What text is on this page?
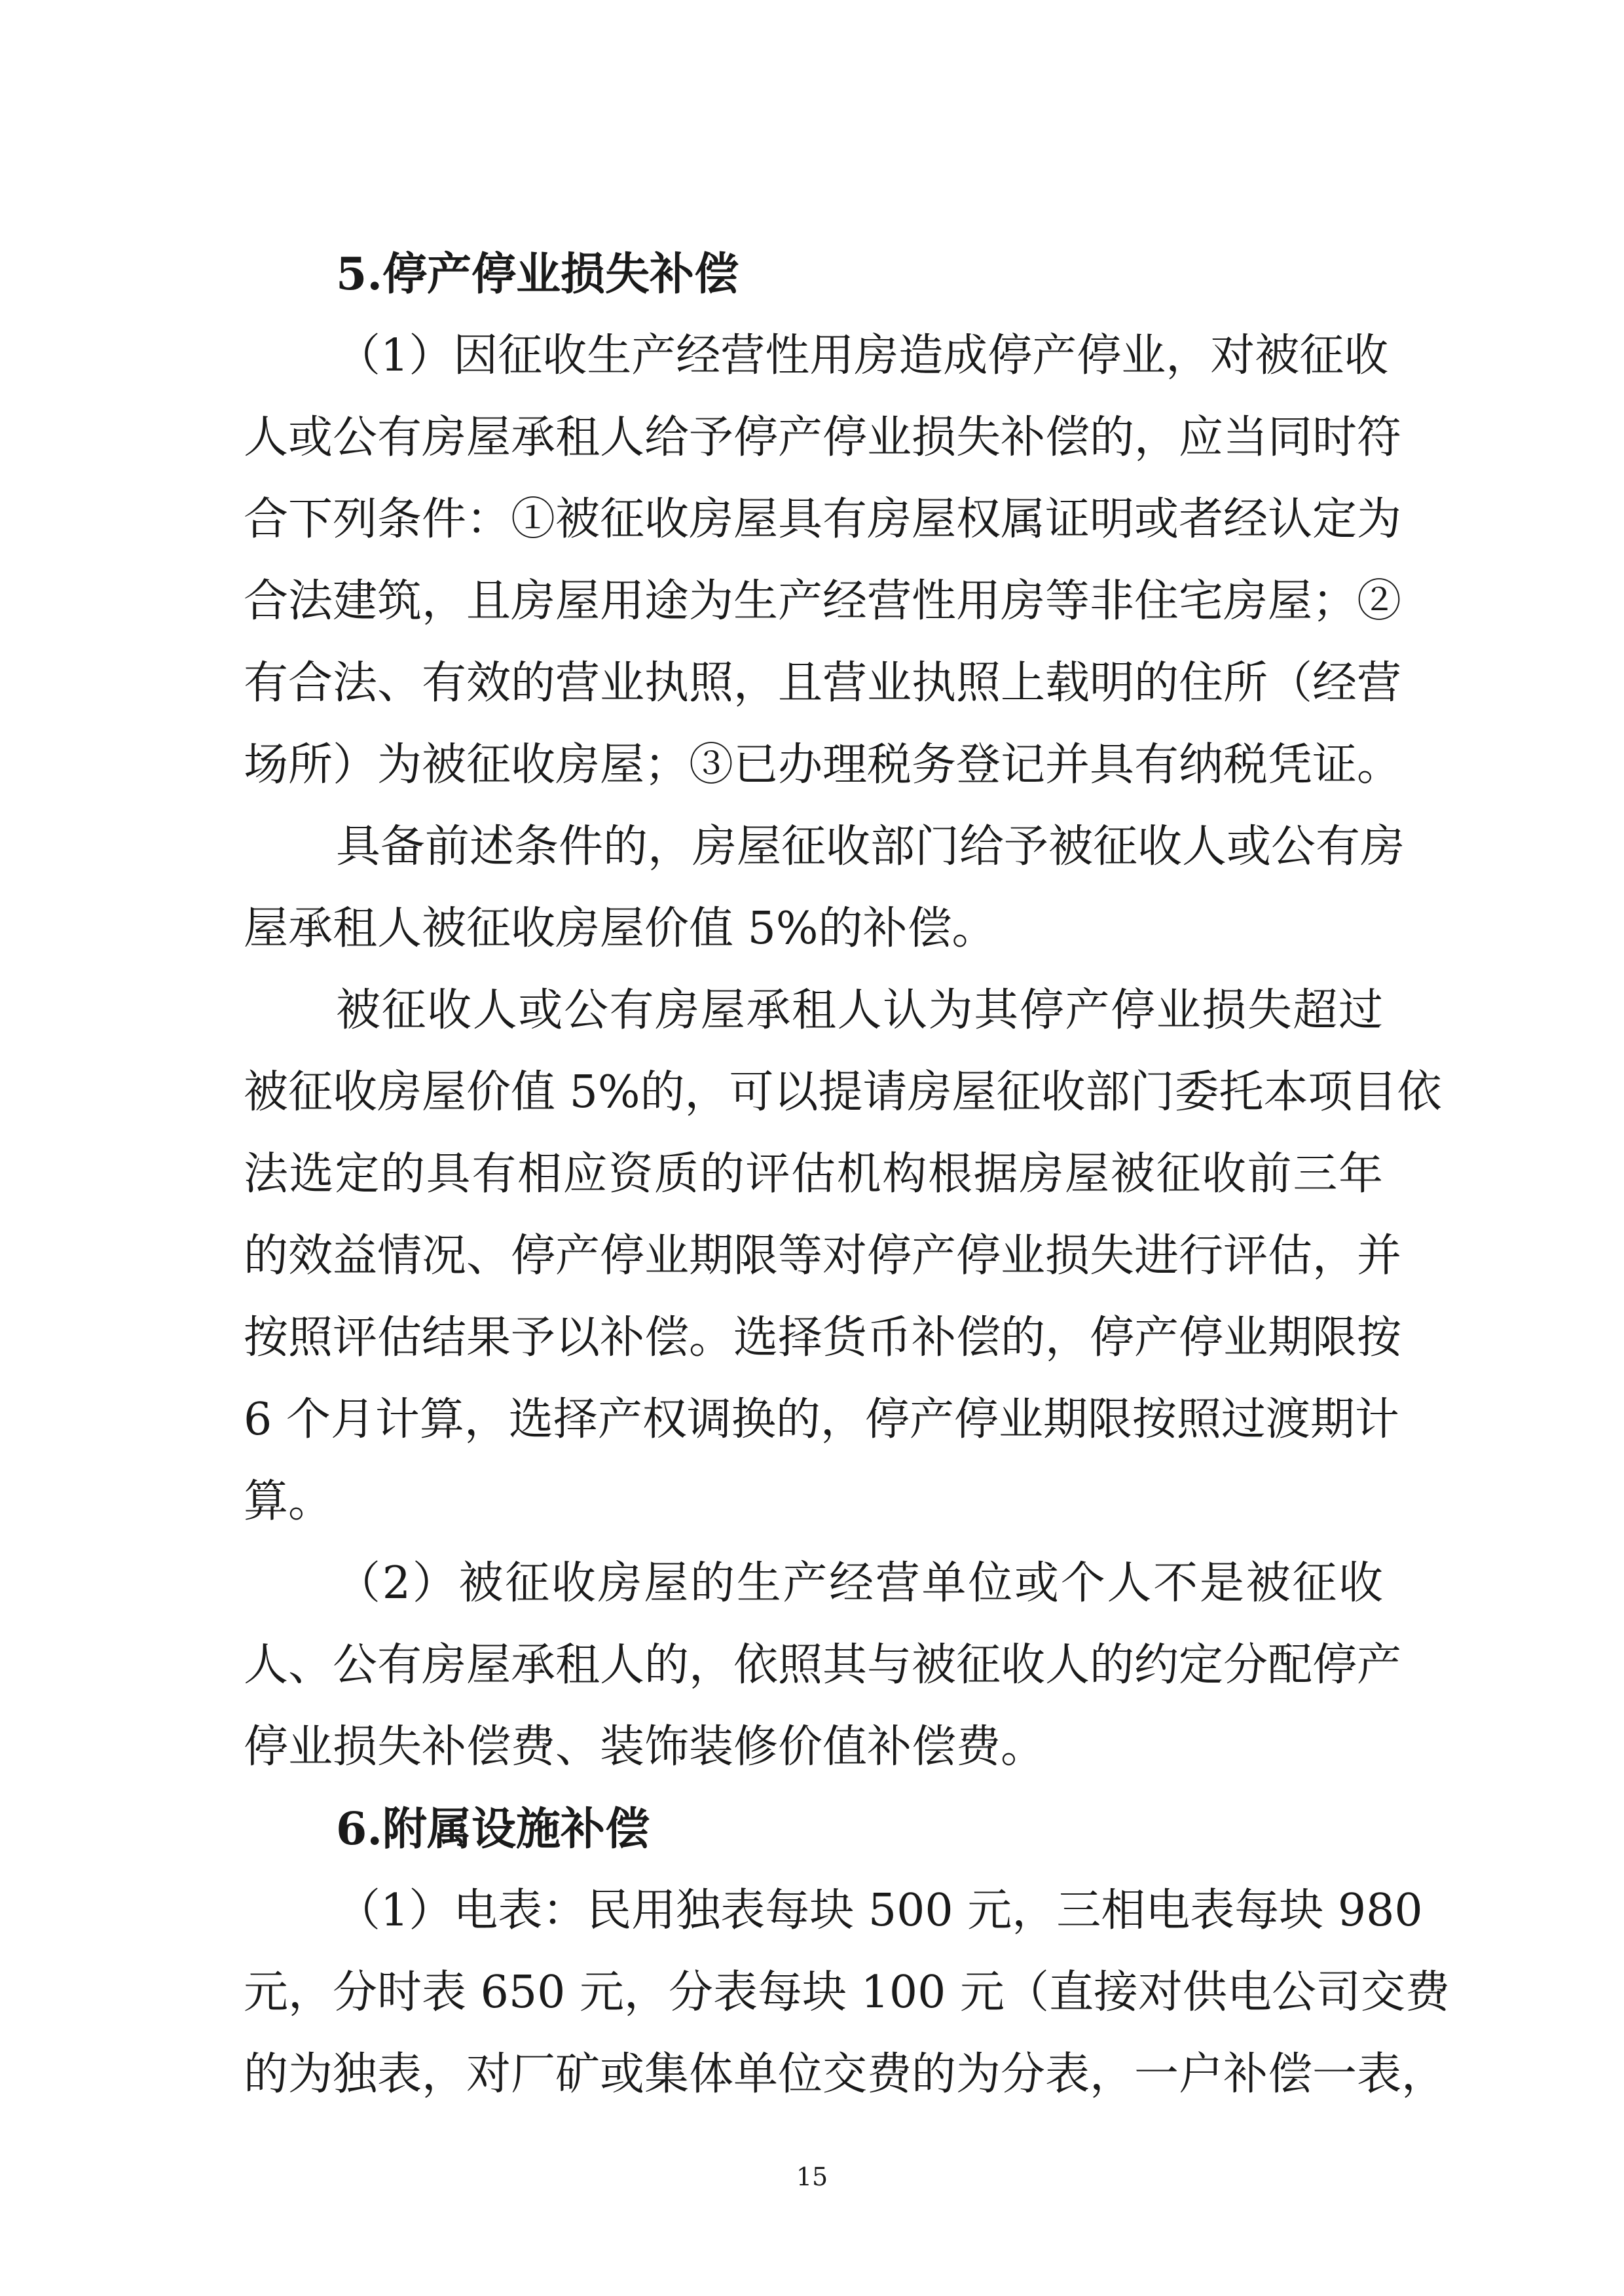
5.停产停业损失补偿
（1）因征收生产经营性用房造成停产停业，对被征收
人或公有房屋承租人给予停产停业损失补偿的，应当同时符
合下列条件：①被征收房屋具有房屋权属证明或者经认定为
合法建筑，且房屋用途为生产经营性用房等非住宅房屋；②
有合法、有效的营业执照，且营业执照上载明的住所（经营
场所）为被征收房屋；③已办理税务登记并具有纳税凭证。
具备前述条件的，房屋征收部门给予被征收人或公有房
屋承租人被征收房屋价值 5%的补偿。
被征收人或公有房屋承租人认为其停产停业损失超过
被征收房屋价值 5%的，可以提请房屋征收部门委托本项目依
法选定的具有相应资质的评估机构根据房屋被征收前三年
的效益情况、停产停业期限等对停产停业损失进行评估，并
按照评估结果予以补偿。选择货币补偿的，停产停业期限按
6 个月计算，选择产权调换的，停产停业期限按照过渡期计
算。
（2）被征收房屋的生产经营单位或个人不是被征收
人、公有房屋承租人的，依照其与被征收人的约定分配停产
停业损失补偿费、装饰装修价值补偿费。
6.附属设施补偿
（1）电表：民用独表每块 500 元，三相电表每块 980
元，分时表 650 元，分表每块 100 元（直接对供电公司交费
的为独表，对厂矿或集体单位交费的为分表，一户补偿一表，
15
